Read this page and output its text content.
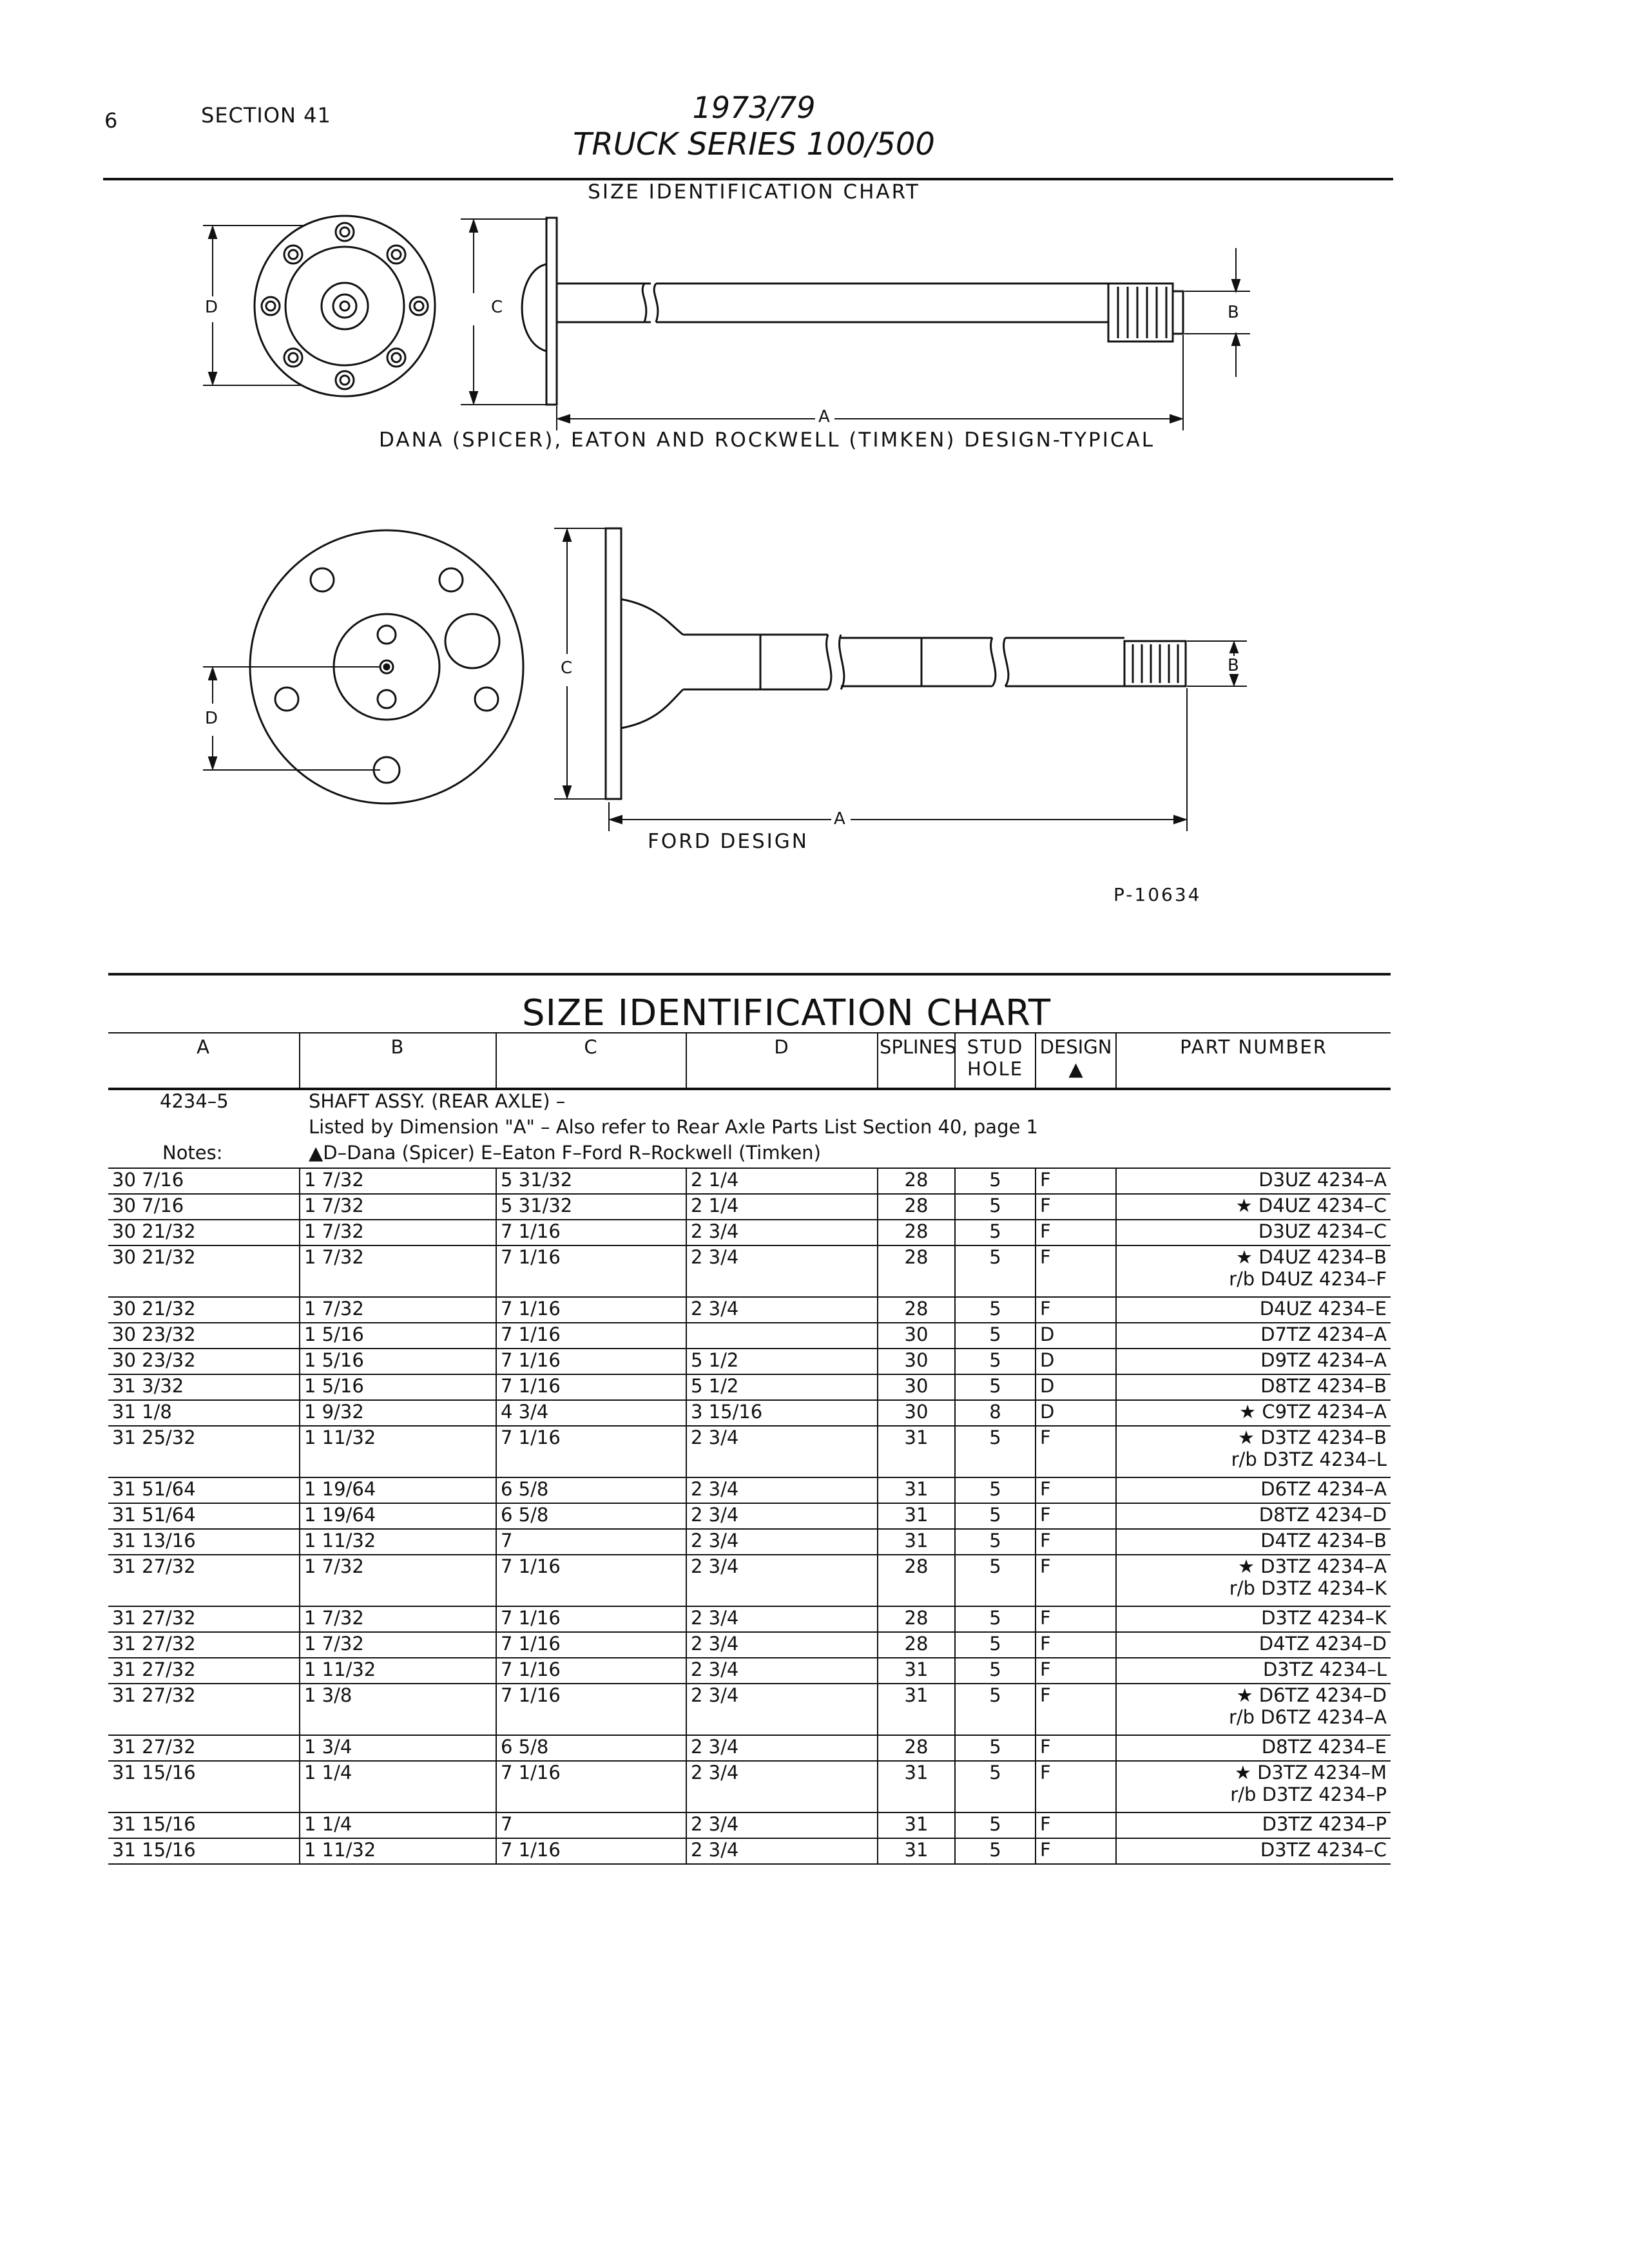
6	SECTION 41	1973/79
TRUCK SERIES 100/500
SIZE IDENTIFICATION CHART
D	C	B
A
DANA (SPICER), EATON AND ROCKWELL (TIMKEN) DESIGN-TYPICAL
D
C	B
A
FORD DESIGN
P-10634
SIZE IDENTIFICATION CHART
A	B	C	D	SPLINES	STUD HOLE	DESIGN ▲	PART NUMBER
4234–5	SHAFT ASSY. (REAR AXLE) –						
	Listed by Dimension "A" – Also refer to Rear Axle Parts List Section 40, page 1						
Notes:	▲D–Dana (Spicer) E–Eaton F–Ford R–Rockwell (Timken)						
30 7/16	1 7/32	5 31/32	2 1/4	28	5	F	D3UZ 4234–A

30 7/16	1 7/32	5 31/32	2 1/4	28	5	F	★ D4UZ 4234–C

30 21/32	1 7/32	7 1/16	2 3/4	28	5	F	D3UZ 4234–C

30 21/32	1 7/32	7 1/16	2 3/4	28	5	F	★ D4UZ 4234–B
r/b D4UZ 4234–F

30 21/32	1 7/32	7 1/16	2 3/4	28	5	F	D4UZ 4234–E

30 23/32	1 5/16	7 1/16		30	5	D	D7TZ 4234–A

30 23/32	1 5/16	7 1/16	5 1/2	30	5	D	D9TZ 4234–A

31 3/32	1 5/16	7 1/16	5 1/2	30	5	D	D8TZ 4234–B

31 1/8	1 9/32	4 3/4	3 15/16	30	8	D	★ C9TZ 4234–A

31 25/32	1 11/32	7 1/16	2 3/4	31	5	F	★ D3TZ 4234–B
r/b D3TZ 4234–L

31 51/64	1 19/64	6 5/8	2 3/4	31	5	F	D6TZ 4234–A

31 51/64	1 19/64	6 5/8	2 3/4	31	5	F	D8TZ 4234–D

31 13/16	1 11/32	7	2 3/4	31	5	F	D4TZ 4234–B

31 27/32	1 7/32	7 1/16	2 3/4	28	5	F	★ D3TZ 4234–A
r/b D3TZ 4234–K

31 27/32	1 7/32	7 1/16	2 3/4	28	5	F	D3TZ 4234–K

31 27/32	1 7/32	7 1/16	2 3/4	28	5	F	D4TZ 4234–D

31 27/32	1 11/32	7 1/16	2 3/4	31	5	F	D3TZ 4234–L

31 27/32	1 3/8	7 1/16	2 3/4	31	5	F	★ D6TZ 4234–D
r/b D6TZ 4234–A

31 27/32	1 3/4	6 5/8	2 3/4	28	5	F	D8TZ 4234–E

31 15/16	1 1/4	7 1/16	2 3/4	31	5	F	★ D3TZ 4234–M
r/b D3TZ 4234–P

31 15/16	1 1/4	7	2 3/4	31	5	F	D3TZ 4234–P

31 15/16	1 11/32	7 1/16	2 3/4	31	5	F	D3TZ 4234–C
